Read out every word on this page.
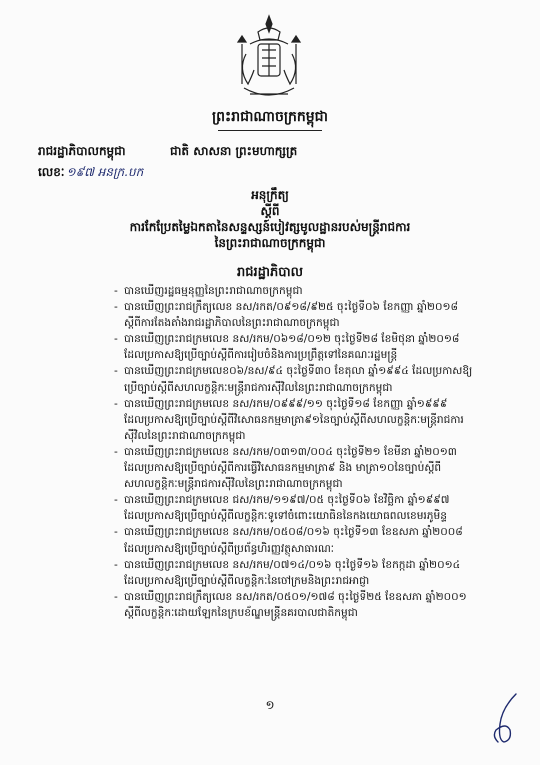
ព្រះរាជាណាចក្រកម្ពុជា
រាជរដ្ឋាភិបាលកម្ពុជា	ជាតិ សាសនា ព្រះមហាក្សត្រ
លេខៈ ១៩៧ អនក្រ.បក
អនុក្រឹត្យ
ស្តីពី
ការកែប្រែតម្លៃឯកតានៃសន្ទស្សន៍បៀវត្សមូលដ្ឋានរបស់មន្ត្រីរាជការ
នៃព្រះរាជាណាចក្រកម្ពុជា
រាជរដ្ឋាភិបាល
- បានឃើញរដ្ឋធម្មនុញ្ញនៃព្រះរាជាណាចក្រកម្ពុជា
- បានឃើញព្រះរាជក្រឹត្យលេខ នស/រកត/០៩១៨/៩២៥ ចុះថ្ងៃទី០៦ ខែកញ្ញា ឆ្នាំ២០១៨
ស្តីពីការតែងតាំងរាជរដ្ឋាភិបាលនៃព្រះរាជាណាចក្រកម្ពុជា
- បានឃើញព្រះរាជក្រមលេខ នស/រកម/០៦១៨/០១២ ចុះថ្ងៃទី២៨ ខែមិថុនា ឆ្នាំ២០១៨
ដែលប្រកាសឱ្យប្រើច្បាប់ស្តីពីការរៀបចំនិងការប្រព្រឹត្តទៅនៃគណៈរដ្ឋមន្ត្រី
- បានឃើញព្រះរាជក្រមលេខ០៦/នស/៩៤ ចុះថ្ងៃទី៣០ ខែតុលា ឆ្នាំ១៩៩៤ ដែលប្រកាសឱ្យ
ប្រើច្បាប់ស្តីពីសហលក្ខន្តិកៈមន្ត្រីរាជការស៊ីវិលនៃព្រះរាជាណាចក្រកម្ពុជា
- បានឃើញព្រះរាជក្រមលេខ នស/រកម/០៩៩៩/១១ ចុះថ្ងៃទី១៨ ខែកញ្ញា ឆ្នាំ១៩៩៩
ដែលប្រកាសឱ្យប្រើច្បាប់ស្តីពីវិសោធនកម្មមាត្រា៩១នៃច្បាប់ស្តីពីសហលក្ខន្តិកៈមន្ត្រីរាជការ
ស៊ីវិលនៃព្រះរាជាណាចក្រកម្ពុជា
- បានឃើញព្រះរាជក្រមលេខ នស/រកម/០៣១៣/០០៤ ចុះថ្ងៃទី២១ ខែមីនា ឆ្នាំ២០១៣
ដែលប្រកាសឱ្យប្រើច្បាប់ស្តីពីការធ្វើវិសោធនកម្មមាត្រា៩ និង មាត្រា១០នៃច្បាប់ស្តីពី
សហលក្ខន្តិកៈមន្ត្រីរាជការស៊ីវិលនៃព្រះរាជាណាចក្រកម្ពុជា
- បានឃើញព្រះរាជក្រមលេខ ជស/រកម/១១៩៧/០៥ ចុះថ្ងៃទី០៦ ខែវិច្ឆិកា ឆ្នាំ១៩៩៧
ដែលប្រកាសឱ្យប្រើច្បាប់ស្តីពីលក្ខន្តិកៈទូទៅចំពោះយោធិននៃកងយោធពលខេមរភូមិន្ទ
- បានឃើញព្រះរាជក្រមលេខ នស/រកម/០៥០៨/០១៦ ចុះថ្ងៃទី១៣ ខែឧសភា ឆ្នាំ២០០៨
ដែលប្រកាសឱ្យប្រើច្បាប់ស្តីពីប្រព័ន្ធហិរញ្ញវត្ថុសាធារណៈ
- បានឃើញព្រះរាជក្រមលេខ នស/រកម/០៧១៤/០១៦ ចុះថ្ងៃទី១៦ ខែកក្កដា ឆ្នាំ២០១៤
ដែលប្រកាសឱ្យប្រើច្បាប់ស្តីពីលក្ខន្តិកៈនៃចៅក្រមនិងព្រះរាជអាជ្ញា
- បានឃើញព្រះរាជក្រឹត្យលេខ នស/រកត/០៥០១/១៧៨ ចុះថ្ងៃទី២៥ ខែឧសភា ឆ្នាំ២០០១
ស្តីពីលក្ខន្តិកៈដោយឡែកនៃក្របខ័ណ្ឌមន្ត្រីនគរបាលជាតិកម្ពុជា
១
